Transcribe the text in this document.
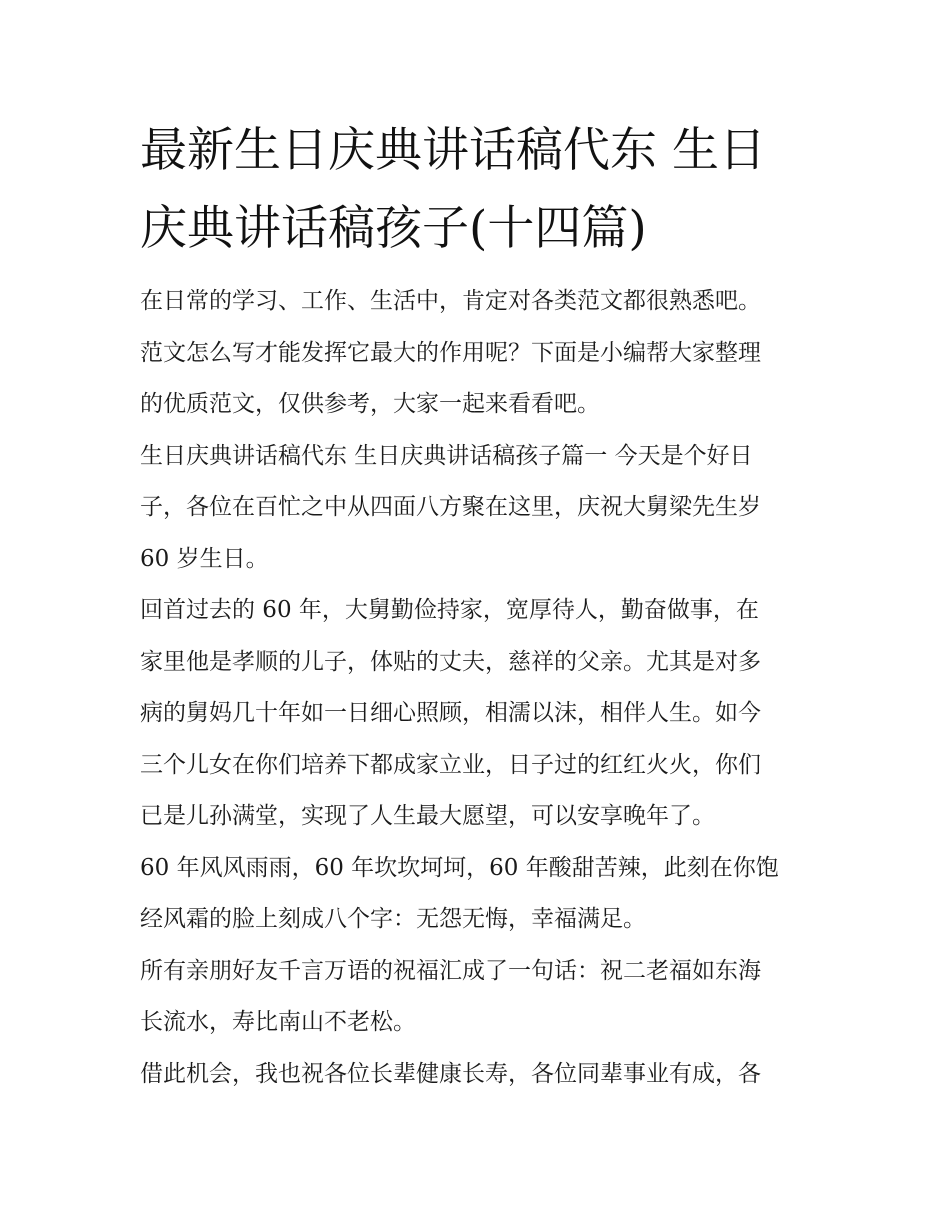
最新生日庆典讲话稿代东 生日
庆典讲话稿孩子(十四篇)
在日常的学习、工作、生活中，肯定对各类范文都很熟悉吧。
范文怎么写才能发挥它最大的作用呢？下面是小编帮大家整理
的优质范文，仅供参考，大家一起来看看吧。
生日庆典讲话稿代东 生日庆典讲话稿孩子篇一 今天是个好日
子，各位在百忙之中从四面八方聚在这里，庆祝大舅梁先生岁
60 岁生日。
回首过去的 60 年，大舅勤俭持家，宽厚待人，勤奋做事，在
家里他是孝顺的儿子，体贴的丈夫，慈祥的父亲。尤其是对多
病的舅妈几十年如一日细心照顾，相濡以沫，相伴人生。如今
三个儿女在你们培养下都成家立业，日子过的红红火火，你们
已是儿孙满堂，实现了人生最大愿望，可以安享晚年了。
60 年风风雨雨，60 年坎坎坷坷，60 年酸甜苦辣，此刻在你饱
经风霜的脸上刻成八个字：无怨无悔，幸福满足。
所有亲朋好友千言万语的祝福汇成了一句话：祝二老福如东海
长流水，寿比南山不老松。
借此机会，我也祝各位长辈健康长寿，各位同辈事业有成，各
